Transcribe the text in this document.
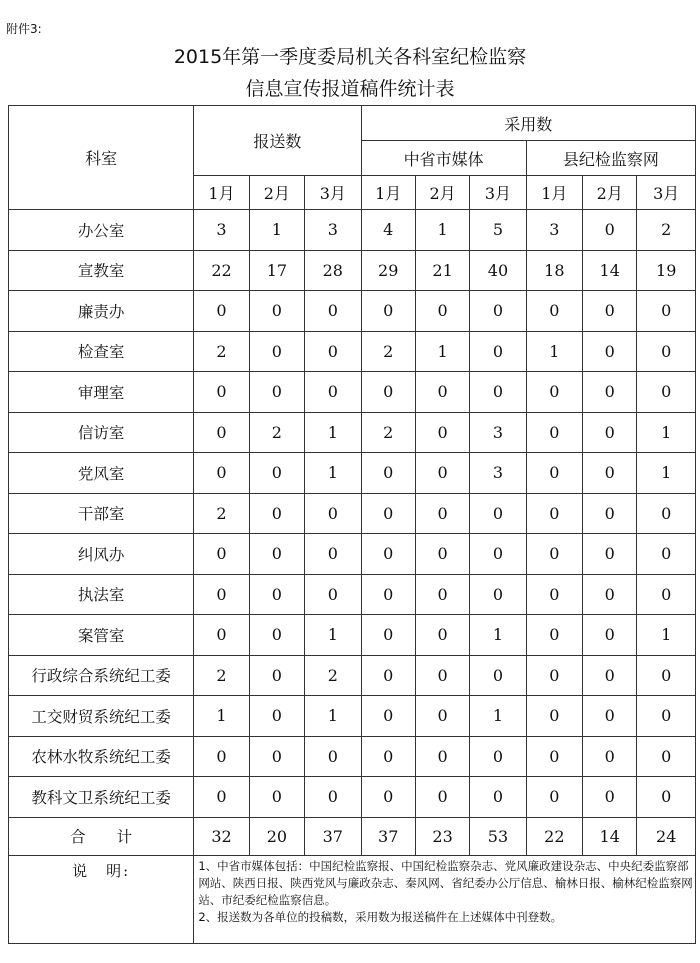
附件3:
2015年第一季度委局机关各科室纪检监察
信息宣传报道稿件统计表
科室	报送数			采用数					
				中省市媒体			县纪检监察网		
	1月	2月	3月	1月	2月	3月	1月	2月	3月
办公室	3	1	3	4	1	5	3	0	2
宣教室	22	17	28	29	21	40	18	14	19
廉责办	0	0	0	0	0	0	0	0	0
检查室	2	0	0	2	1	0	1	0	0
审理室	0	0	0	0	0	0	0	0	0
信访室	0	2	1	2	0	3	0	0	1
党风室	0	0	1	0	0	3	0	0	1
干部室	2	0	0	0	0	0	0	0	0
纠风办	0	0	0	0	0	0	0	0	0
执法室	0	0	0	0	0	0	0	0	0
案管室	0	0	1	0	0	1	0	0	1
行政综合系统纪工委	2	0	2	0	0	0	0	0	0
工交财贸系统纪工委	1	0	1	0	0	1	0	0	0
农林水牧系统纪工委	0	0	0	0	0	0	0	0	0
教科文卫系统纪工委	0	0	0	0	0	0	0	0	0
合　　计	32	20	37	37	23	53	22	14	24
说　明:	1、中省市媒体包括：中国纪检监察报、中国纪检监察杂志、党风廉政建设杂志、中央纪委监察部网站、陕西日报、陕西党风与廉政杂志、秦风网、省纪委办公厅信息、榆林日报、榆林纪检监察网站、市纪委纪检监察信息。
2、报送数为各单位的投稿数，采用数为报送稿件在上述媒体中刊登数。								
